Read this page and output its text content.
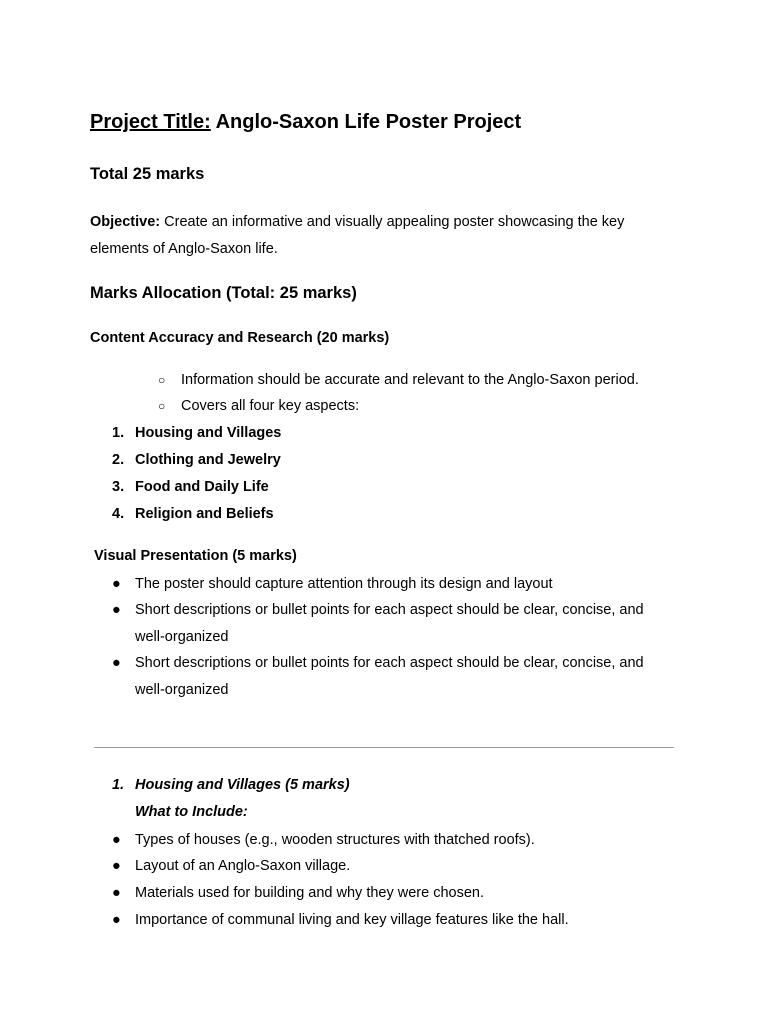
Project Title: Anglo-Saxon Life Poster Project
Total 25 marks
Objective: Create an informative and visually appealing poster showcasing the key elements of Anglo-Saxon life.
Marks Allocation (Total: 25 marks)
Content Accuracy and Research (20 marks)
○ Information should be accurate and relevant to the Anglo-Saxon period.
○ Covers all four key aspects:
1. Housing and Villages
2. Clothing and Jewelry
3. Food and Daily Life
4. Religion and Beliefs
Visual Presentation (5 marks)
● The poster should capture attention through its design and layout
● Short descriptions or bullet points for each aspect should be clear, concise, and well-organized
● Short descriptions or bullet points for each aspect should be clear, concise, and well-organized
1. Housing and Villages (5 marks)
What to Include:
● Types of houses (e.g., wooden structures with thatched roofs).
● Layout of an Anglo-Saxon village.
● Materials used for building and why they were chosen.
● Importance of communal living and key village features like the hall.
